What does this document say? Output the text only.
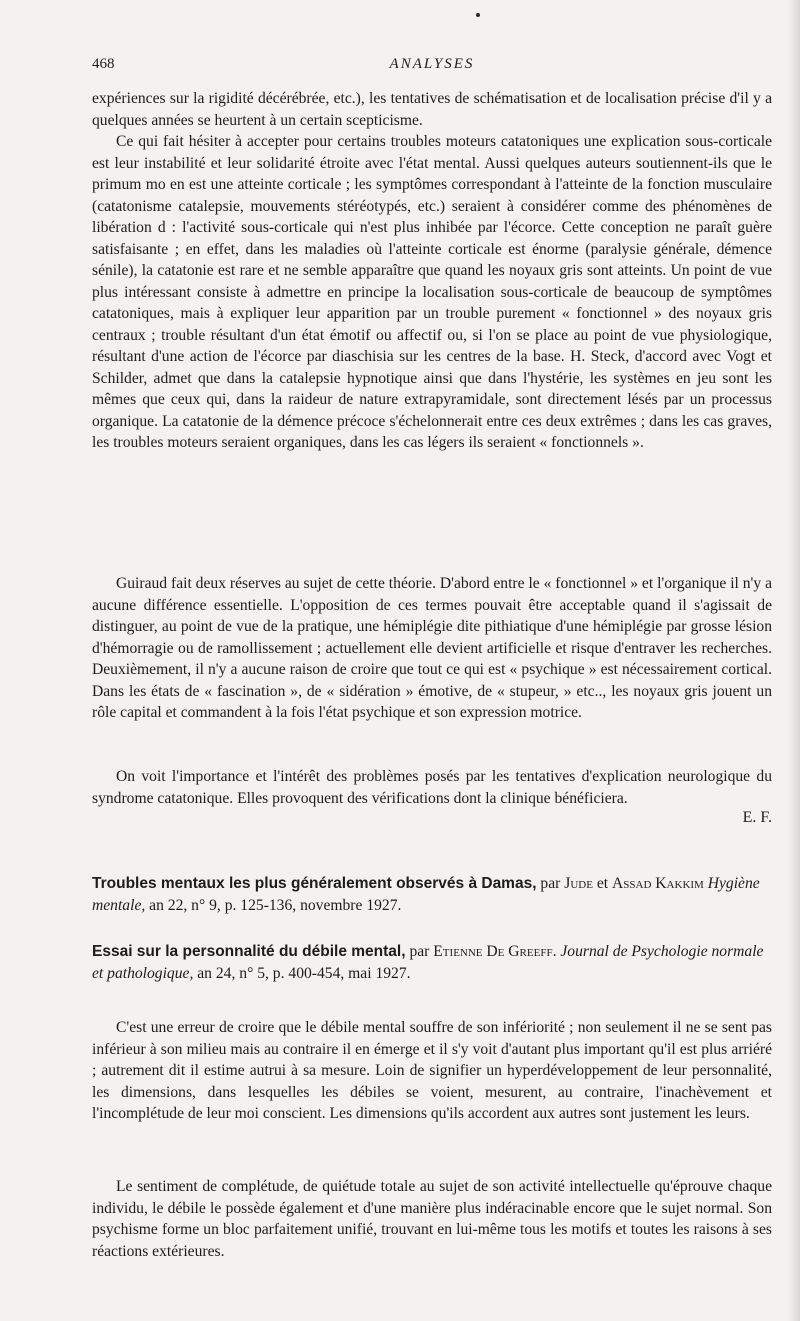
468	ANALYSES

expériences sur la rigidité décérébrée, etc.), les tentatives de schématisation et de localisation précise d'il y a quelques années se heurtent à un certain scepticisme.

Ce qui fait hésiter à accepter pour certains troubles moteurs catatoniques une explication sous-corticale est leur instabilité et leur solidarité étroite avec l'état mental. Aussi quelques auteurs soutiennent-ils que le primum mo en est une atteinte corticale ; les symptômes correspondant à l'atteinte de la fonction musculaire (catatonisme catalepsie, mouvements stéréotypés, etc.) seraient à considérer comme des phénomènes de libération d : l'activité sous-corticale qui n'est plus inhibée par l'écorce. Cette conception ne paraît guère satisfaisante ; en effet, dans les maladies où l'atteinte corticale est énorme (paralysie générale, démence sénile), la catatonie est rare et ne semble apparaître que quand les noyaux gris sont atteints. Un point de vue plus intéressant consiste à admettre en principe la localisation sous-corticale de beaucoup de symptômes catatoniques, mais à expliquer leur apparition par un trouble purement « fonctionnel » des noyaux gris centraux ; trouble résultant d'un état émotif ou affectif ou, si l'on se place au point de vue physiologique, résultant d'une action de l'écorce par diaschisia sur les centres de la base. H. Steck, d'accord avec Vogt et Schilder, admet que dans la catalepsie hypnotique ainsi que dans l'hystérie, les systèmes en jeu sont les mêmes que ceux qui, dans la raideur de nature extrapyramidale, sont directement lésés par un processus organique. La catatonie de la démence précoce s'échelonnerait entre ces deux extrêmes ; dans les cas graves, les troubles moteurs seraient organiques, dans les cas légers ils seraient « fonctionnels ».

Guiraud fait deux réserves au sujet de cette théorie. D'abord entre le « fonctionnel » et l'organique il n'y a aucune différence essentielle. L'opposition de ces termes pouvait être acceptable quand il s'agissait de distinguer, au point de vue de la pratique, une hémiplégie dite pithiatique d'une hémiplégie par grosse lésion d'hémorragie ou de ramollissement ; actuellement elle devient artificielle et risque d'entraver les recherches. Deuxièmement, il n'y a aucune raison de croire que tout ce qui est « psychique » est nécessairement cortical. Dans les états de « fascination », de « sidération » émotive, de « stupeur, » etc.., les noyaux gris jouent un rôle capital et commandent à la fois l'état psychique et son expression motrice.

On voit l'importance et l'intérêt des problèmes posés par les tentatives d'explication neurologique du syndrome catatonique. Elles provoquent des vérifications dont la clinique bénéficiera.

E. F.

Troubles mentaux les plus généralement observés à Damas, par Jude et Assad Kakkim Hygiène mentale, an 22, n° 9, p. 125-136, novembre 1927.

Essai sur la personnalité du débile mental, par Etienne De Greeff. Journal de Psychologie normale et pathologique, an 24, n° 5, p. 400-454, mai 1927.

C'est une erreur de croire que le débile mental souffre de son infériorité ; non seulement il ne se sent pas inférieur à son milieu mais au contraire il en émerge et il s'y voit d'autant plus important qu'il est plus arriéré ; autrement dit il estime autrui à sa mesure. Loin de signifier un hyperdéveloppement de leur personnalité, les dimensions, dans lesquelles les débiles se voient, mesurent, au contraire, l'inachèvement et l'incomplétude de leur moi conscient. Les dimensions qu'ils accordent aux autres sont justement les leurs.

Le sentiment de complétude, de quiétude totale au sujet de son activité intellectuelle qu'éprouve chaque individu, le débile le possède également et d'une manière plus indéracinable encore que le sujet normal. Son psychisme forme un bloc parfaitement unifié, trouvant en lui-même tous les motifs et toutes les raisons à ses réactions extérieures.
